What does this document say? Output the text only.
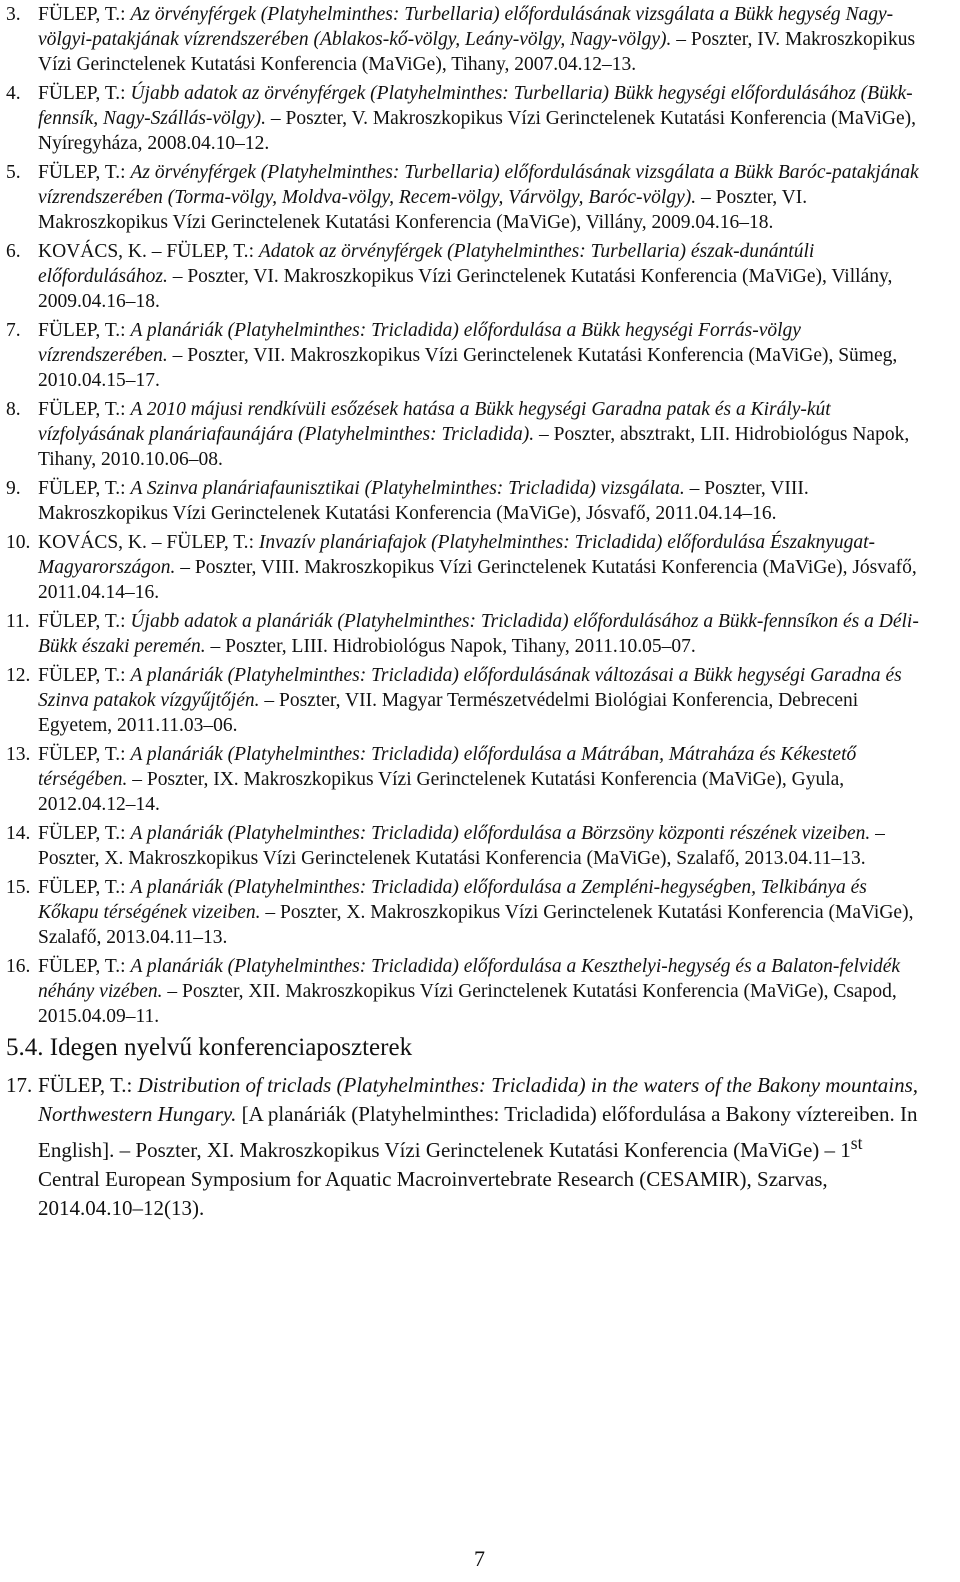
3. FÜLEP, T.: Az örvényférgek (Platyhelminthes: Turbellaria) előfordulásának vizsgálata a Bükk hegység Nagy-völgyi-patakjának vízrendszerében (Ablakos-kő-völgy, Leány-völgy, Nagy-völgy). – Poszter, IV. Makroszkopikus Vízi Gerinctelenek Kutatási Konferencia (MaViGe), Tihany, 2007.04.12–13.
4. FÜLEP, T.: Újabb adatok az örvényférgek (Platyhelminthes: Turbellaria) Bükk hegységi előfordulásához (Bükk-fennsík, Nagy-Szállás-völgy). – Poszter, V. Makroszkopikus Vízi Gerinctelenek Kutatási Konferencia (MaViGe), Nyíregyháza, 2008.04.10–12.
5. FÜLEP, T.: Az örvényférgek (Platyhelminthes: Turbellaria) előfordulásának vizsgálata a Bükk Baróc-patakjának vízrendszerében (Torma-völgy, Moldva-völgy, Recem-völgy, Várvölgy, Baróc-völgy). – Poszter, VI. Makroszkopikus Vízi Gerinctelenek Kutatási Konferencia (MaViGe), Villány, 2009.04.16–18.
6. KOVÁCS, K. – FÜLEP, T.: Adatok az örvényférgek (Platyhelminthes: Turbellaria) észak-dunántúli előfordulásához. – Poszter, VI. Makroszkopikus Vízi Gerinctelenek Kutatási Konferencia (MaViGe), Villány, 2009.04.16–18.
7. FÜLEP, T.: A planáriák (Platyhelminthes: Tricladida) előfordulása a Bükk hegységi Forrás-völgy vízrendszerében. – Poszter, VII. Makroszkopikus Vízi Gerinctelenek Kutatási Konferencia (MaViGe), Sümeg, 2010.04.15–17.
8. FÜLEP, T.: A 2010 májusi rendkívüli esőzések hatása a Bükk hegységi Garadna patak és a Király-kút vízfolyásának planáriafaunájára (Platyhelminthes: Tricladida). – Poszter, absztrakt, LII. Hidrobiológus Napok, Tihany, 2010.10.06–08.
9. FÜLEP, T.: A Szinva planáriafaunisztikai (Platyhelminthes: Tricladida) vizsgálata. – Poszter, VIII. Makroszkopikus Vízi Gerinctelenek Kutatási Konferencia (MaViGe), Jósvafő, 2011.04.14–16.
10. KOVÁCS, K. – FÜLEP, T.: Invazív planáriafajok (Platyhelminthes: Tricladida) előfordulása Északnyugat-Magyarországon. – Poszter, VIII. Makroszkopikus Vízi Gerinctelenek Kutatási Konferencia (MaViGe), Jósvafő, 2011.04.14–16.
11. FÜLEP, T.: Újabb adatok a planáriák (Platyhelminthes: Tricladida) előfordulásához a Bükk-fennsíkon és a Déli-Bükk északi peremén. – Poszter, LIII. Hidrobiológus Napok, Tihany, 2011.10.05–07.
12. FÜLEP, T.: A planáriák (Platyhelminthes: Tricladida) előfordulásának változásai a Bükk hegységi Garadna és Szinva patakok vízgyűjtőjén. – Poszter, VII. Magyar Természetvédelmi Biológiai Konferencia, Debreceni Egyetem, 2011.11.03–06.
13. FÜLEP, T.: A planáriák (Platyhelminthes: Tricladida) előfordulása a Mátrában, Mátraháza és Kékestető térségében. – Poszter, IX. Makroszkopikus Vízi Gerinctelenek Kutatási Konferencia (MaViGe), Gyula, 2012.04.12–14.
14. FÜLEP, T.: A planáriák (Platyhelminthes: Tricladida) előfordulása a Börzsöny központi részének vizeiben. – Poszter, X. Makroszkopikus Vízi Gerinctelenek Kutatási Konferencia (MaViGe), Szalafő, 2013.04.11–13.
15. FÜLEP, T.: A planáriák (Platyhelminthes: Tricladida) előfordulása a Zempléni-hegységben, Telkibánya és Kőkapu térségének vizeiben. – Poszter, X. Makroszkopikus Vízi Gerinctelenek Kutatási Konferencia (MaViGe), Szalafő, 2013.04.11–13.
16. FÜLEP, T.: A planáriák (Platyhelminthes: Tricladida) előfordulása a Keszthelyi-hegység és a Balaton-felvidék néhány vizében. – Poszter, XII. Makroszkopikus Vízi Gerinctelenek Kutatási Konferencia (MaViGe), Csapod, 2015.04.09–11.
5.4. Idegen nyelvű konferenciaposzterek
17. FÜLEP, T.: Distribution of triclads (Platyhelminthes: Tricladida) in the waters of the Bakony mountains, Northwestern Hungary. [A planáriák (Platyhelminthes: Tricladida) előfordulása a Bakony víztereiben. In English]. – Poszter, XI. Makroszkopikus Vízi Gerinctelenek Kutatási Konferencia (MaViGe) – 1st Central European Symposium for Aquatic Macroinvertebrate Research (CESAMIR), Szarvas, 2014.04.10–12(13).
7
